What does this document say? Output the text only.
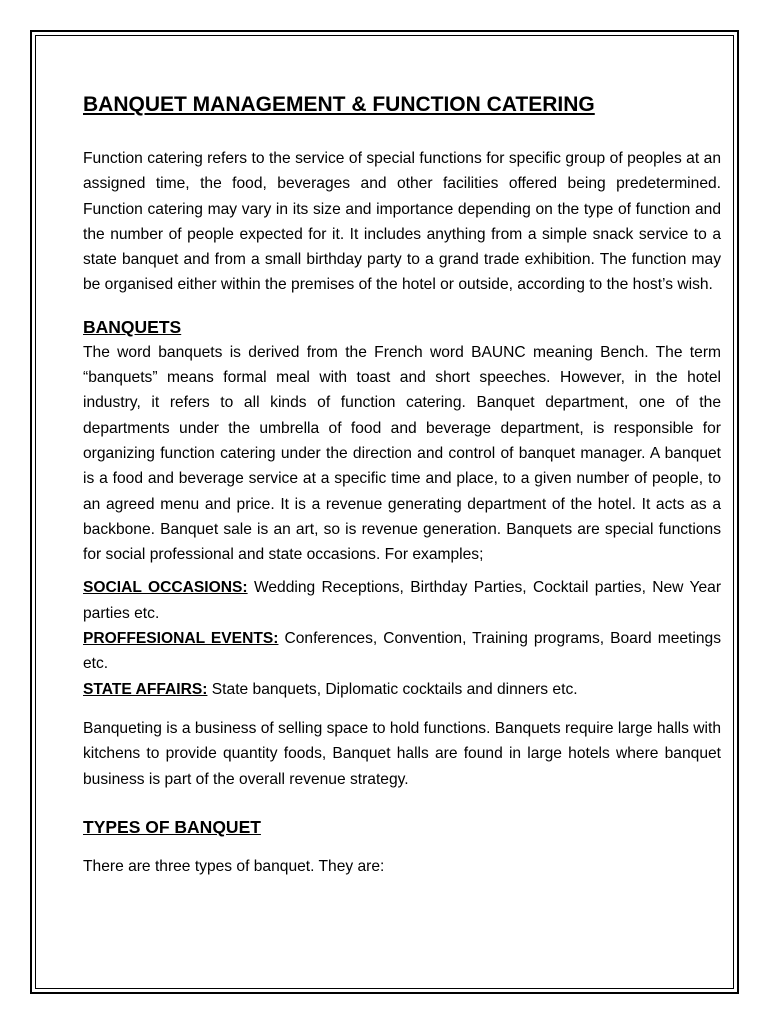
BANQUET MANAGEMENT & FUNCTION CATERING

Function catering refers to the service of special functions for specific group of peoples at an assigned time, the food, beverages and other facilities offered being predetermined. Function catering may vary in its size and importance depending on the type of function and the number of people expected for it. It includes anything from a simple snack service to a state banquet and from a small birthday party to a grand trade exhibition. The function may be organised either within the premises of the hotel or outside, according to the host’s wish.

BANQUETS

The word banquets is derived from the French word BAUNC meaning Bench. The term “banquets” means formal meal with toast and short speeches. However, in the hotel industry, it refers to all kinds of function catering. Banquet department, one of the departments under the umbrella of food and beverage department, is responsible for organizing function catering under the direction and control of banquet manager. A banquet is a food and beverage service at a specific time and place, to a given number of people, to an agreed menu and price. It is a revenue generating department of the hotel. It acts as a backbone. Banquet sale is an art, so is revenue generation. Banquets are special functions for social professional and state occasions. For examples;

SOCIAL OCCASIONS: Wedding Receptions, Birthday Parties, Cocktail parties, New Year parties etc.

PROFFESIONAL EVENTS: Conferences, Convention, Training programs, Board meetings etc.

STATE AFFAIRS: State banquets, Diplomatic cocktails and dinners etc.

Banqueting is a business of selling space to hold functions. Banquets require large halls with kitchens to provide quantity foods, Banquet halls are found in large hotels where banquet business is part of the overall revenue strategy.

TYPES OF BANQUET

There are three types of banquet. They are:
